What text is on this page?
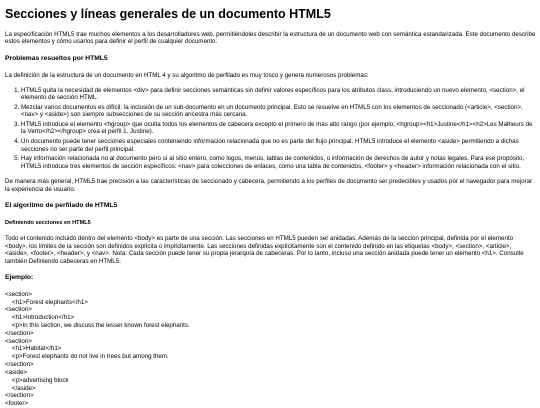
Secciones y líneas generales de un documento HTML5

La especificación HTML5 trae muchos elementos a los desarrolladores web, permitiéndoles describir la estructura de un documento web con semántica estandarizada. Este documento describe estos elementos y cómo usarlos para definir el perfil de cualquier documento.

Problemas resueltos por HTML5

La definición de la estructura de un documento en HTML 4 y su algoritmo de perfilado es muy tosco y genera numerosos problemas:

1. HTML5 quita la necesidad de elementos <div> para definir secciones semánticas sin definir valores específicos para los atributos class, introduciendo un nuevo elemento, <section>, el elemento de sección HTML.
2. Mezclar varios documentos es difícil: la inclusión de un sub-documento en un documento principal. Esto se resuelve en HTML5 con los elementos de seccionado (<article>, <section>, <nav> y <aside>) son siempre subsecciones de su sección ancestra más cercana.
3. HTML5 introduce el elemento <hgroup> que oculta todos los elementos de cabecera excepto el primero de más alto rango (por ejemplo, <hgroup><h1>Justine</h1><h2>Les Malheurs de la Vertu</h2></hgroup> crea el perfil 1. Justine).
4. Un documento puede tener secciones especiales conteniendo información relacionada que no es parte del flujo principal. HTML5 introduce el elemento <aside> permitiendo a dichas secciones no ser parte del perfil principal.
5. Hay información relacionada no al documento pero sí al sitio entero, como logos, menús, tablas de contenidos, o información de derechos de autor y notas legales. Para ese propósito, HTML5 introduce tres elementos de sección específicos: <nav> para colecciones de enlaces, como una tabla de contenidos, <footer> y <header> información relacionada con el sitio.

De manera más general, HTML5 trae precisión a las características de seccionado y cabecera, permitiendo a los perfiles de documento ser predecibles y usados por el navegador para mejorar la experiencia de usuario.

El algoritmo de perfilado de HTML5
Definiendo secciones en HTML5

Todo el contenido incluido dentro del elemento <body> es parte de una sección. Las secciones en HTML5 pueden ser anidadas. Además de la sección principal, definida por el elemento <body>, los límites de la sección son definidos explícita o implícitamente. Las secciones definidas explícitamente son el contenido definido en las etiquetas <body>, <section>, <article>, <aside>, <footer>, <header>, y <nav>. Nota: Cada sección puede tener su propia jerarquía de cabeceras. Por lo tanto, incluso una sección anidada puede tener un elemento <h1>. Consulte también Definiendo cabeceras en HTML5.

Ejemplo:
<section>
<h1>Forest elephants</h1>
<section>
<h1>Introduction</h1>
<p>In this section, we discuss the lesser known forest elephants.
</section>
<section>
<h1>Habitat</h1>
<p>Forest elephants do not live in trees but among them.
</section>
<aside>
<p>advertising block
</aside>
</section>
<footer>
